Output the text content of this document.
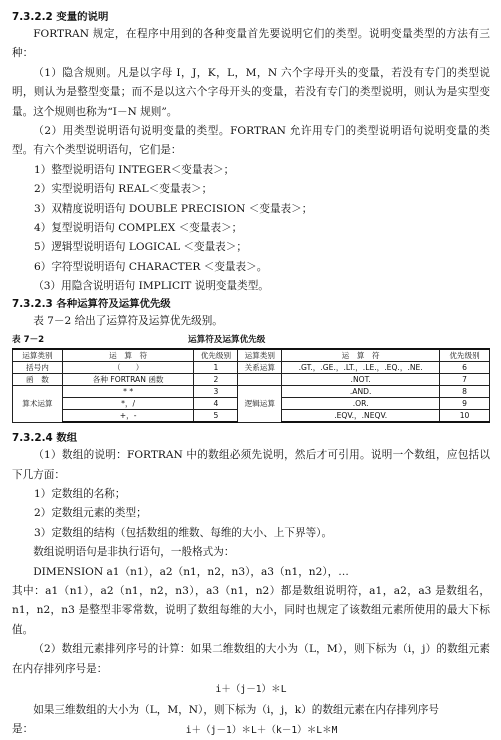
7.3.2.2 变量的说明

FORTRAN 规定，在程序中用到的各种变量首先要说明它们的类型。说明变量类型的方法有三种：

（1）隐含规则。凡是以字母 I，J，K，L，M，N 六个字母开头的变量，若没有专门的类型说明，则认为是整型变量；而不是以这六个字母开头的变量，若没有专门的类型说明，则认为是实型变量。这个规则也称为“I－N 规则”。

（2）用类型说明语句说明变量的类型。FORTRAN 允许用专门的类型说明语句说明变量的类型。有六个类型说明语句，它们是：

1）整型说明语句 INTEGER＜变量表＞；

2）实型说明语句 REAL＜变量表＞；

3）双精度说明语句 DOUBLE PRECISION ＜变量表＞；

4）复型说明语句 COMPLEX ＜变量表＞；

5）逻辑型说明语句 LOGICAL ＜变量表＞；

6）字符型说明语句 CHARACTER ＜变量表＞。

（3）用隐含说明语句 IMPLICIT 说明变量类型。

7.3.2.3 各种运算符及运算优先级

表 7－2 给出了运算符及运算优先级别。

表 7－2	运算符及运算优先级
运算类别	运　算　符	优先级别	运算类别	运　算　符	优先级别
括号内	（　　）	1	关系运算	.GT.，.GE.，.LT.，.LE.，.EQ.，.NE.	6
函　数	各种 FORTRAN 函数	2		.NOT.	7
算术运算	* *	3	逻辑运算	.AND.	8
	*，/	4		.OR.	9
	+，-	5		.EQV.，.NEQV.	10

7.3.2.4 数组

（1）数组的说明：FORTRAN 中的数组必须先说明，然后才可引用。说明一个数组，应包括以下几方面：

1）定数组的名称；

2）定数组元素的类型；

3）定数组的结构（包括数组的维数、每维的大小、上下界等）。

数组说明语句是非执行语句，一般格式为：

DIMENSION a1（n1），a2（n1，n2，n3），a3（n1，n2），…

其中：a1（n1），a2（n1，n2，n3），a3（n1，n2）都是数组说明符，a1，a2，a3 是数组名，n1，n2，n3 是整型非零常数，说明了数组每维的大小，同时也规定了该数组元素所使用的最大下标值。

（2）数组元素排列序号的计算：如果二维数组的大小为（L，M），则下标为（i，j）的数组元素在内存排列序号是：

i＋（j－1）＊L

如果三维数组的大小为（L，M，N），则下标为（i，j，k）的数组元素在内存排列序号

是：	i＋（j－1）＊L＋（k－1）＊L＊M
